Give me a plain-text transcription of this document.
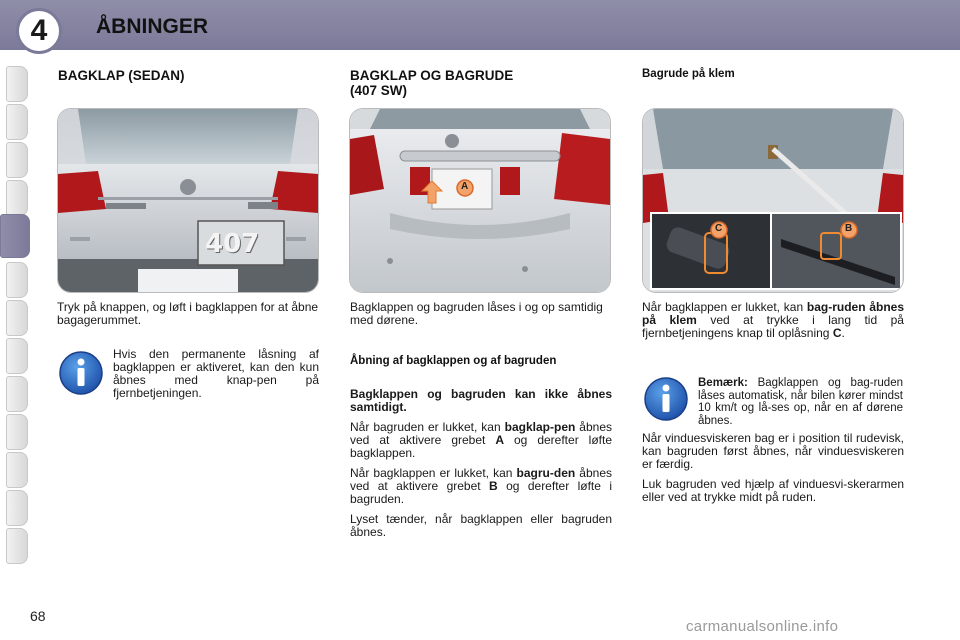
4	ÅBNINGER
BAGKLAP (SEDAN)
407
Tryk på knappen, og løft i bagklappen for at åbne bagagerummet.
Hvis den permanente låsning af bagklappen er aktiveret, kan den kun åbnes med knap-pen på fjernbetjeningen.
BAGKLAP OG BAGRUDE
(407 SW)
A
Bagklappen og bagruden låses i og op samtidig med dørene.
Åbning af bagklappen og af bagruden

Bagklappen og bagruden kan ikke åbnes samtidigt.

Når bagruden er lukket, kan bagklap-pen åbnes ved at aktivere grebet A og derefter løfte bagklappen.

Når bagklappen er lukket, kan bagru-den åbnes ved at aktivere grebet B og derefter løfte i bagruden.

Lyset tænder, når bagklappen eller bagruden åbnes.

Bagrude på klem
C	B
Når bagklappen er lukket, kan bag-ruden åbnes på klem ved at trykke i lang tid på fjernbetjeningens knap til oplåsning C.
Bemærk: Bagklappen og bag-ruden låses automatisk, når bilen kører mindst 10 km/t og lå-ses op, når en af dørene åbnes.

Når vinduesviskeren bag er i position til rudevisk, kan bagruden først åbnes, når vinduesviskeren er færdig.

Luk bagruden ved hjælp af vinduesvi-skerarmen eller ved at trykke midt på ruden.

68
carmanualsonline.info
